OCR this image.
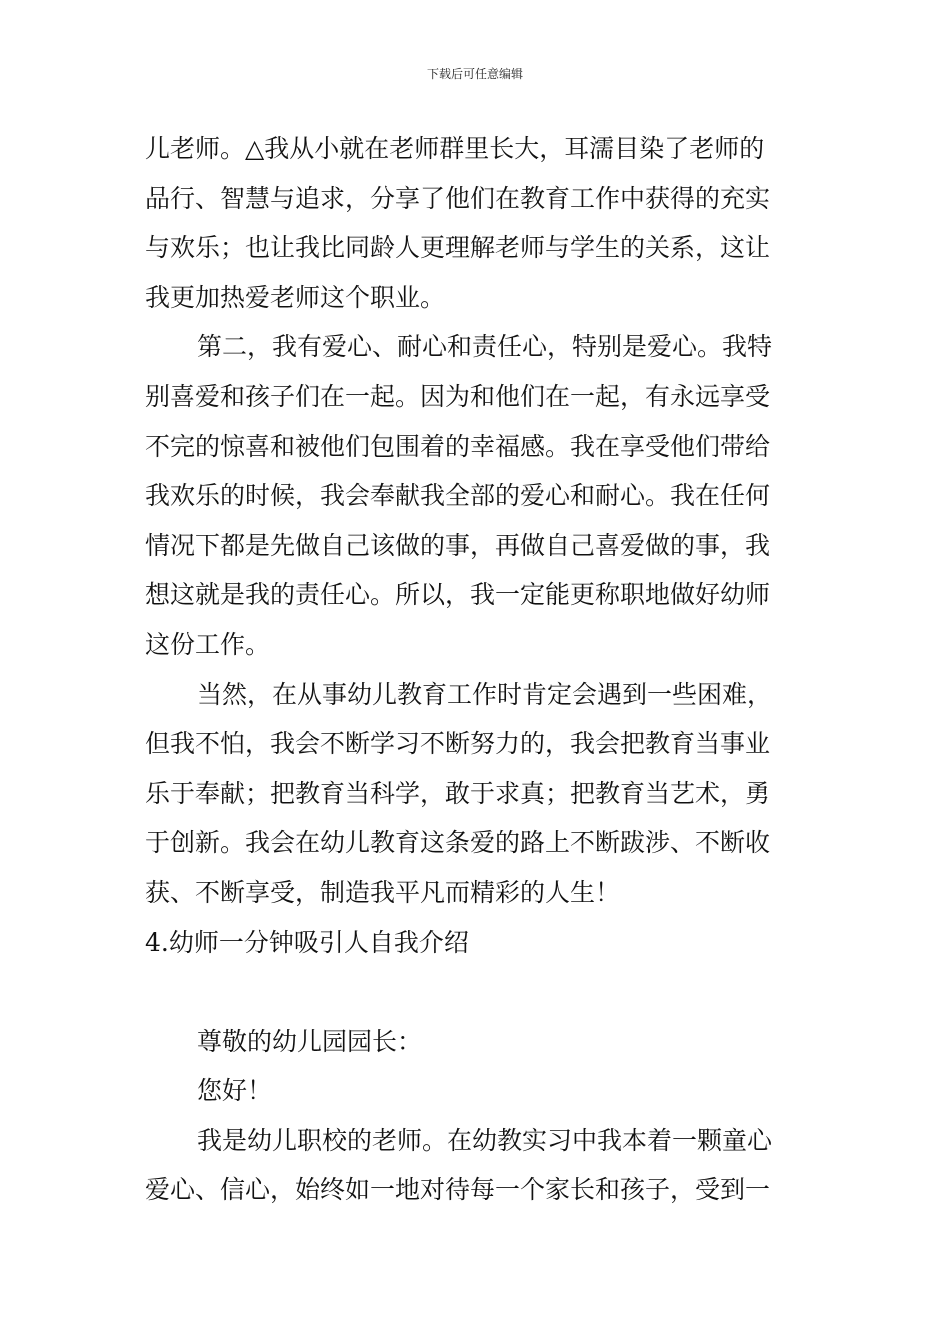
下载后可任意编辑
儿老师。△我从小就在老师群里长大，耳濡目染了老师的
品行、智慧与追求，分享了他们在教育工作中获得的充实
与欢乐；也让我比同龄人更理解老师与学生的关系，这让
我更加热爱老师这个职业。
第二，我有爱心、耐心和责任心，特别是爱心。我特
别喜爱和孩子们在一起。因为和他们在一起，有永远享受
不完的惊喜和被他们包围着的幸福感。我在享受他们带给
我欢乐的时候，我会奉献我全部的爱心和耐心。我在任何
情况下都是先做自己该做的事，再做自己喜爱做的事，我
想这就是我的责任心。所以，我一定能更称职地做好幼师
这份工作。
当然，在从事幼儿教育工作时肯定会遇到一些困难，
但我不怕，我会不断学习不断努力的，我会把教育当事业
乐于奉献；把教育当科学，敢于求真；把教育当艺术，勇
于创新。我会在幼儿教育这条爱的路上不断跋涉、不断收
获、不断享受，制造我平凡而精彩的人生！
4.幼师一分钟吸引人自我介绍
尊敬的幼儿园园长：
您好！
我是幼儿职校的老师。在幼教实习中我本着一颗童心
爱心、信心，始终如一地对待每一个家长和孩子，受到一
